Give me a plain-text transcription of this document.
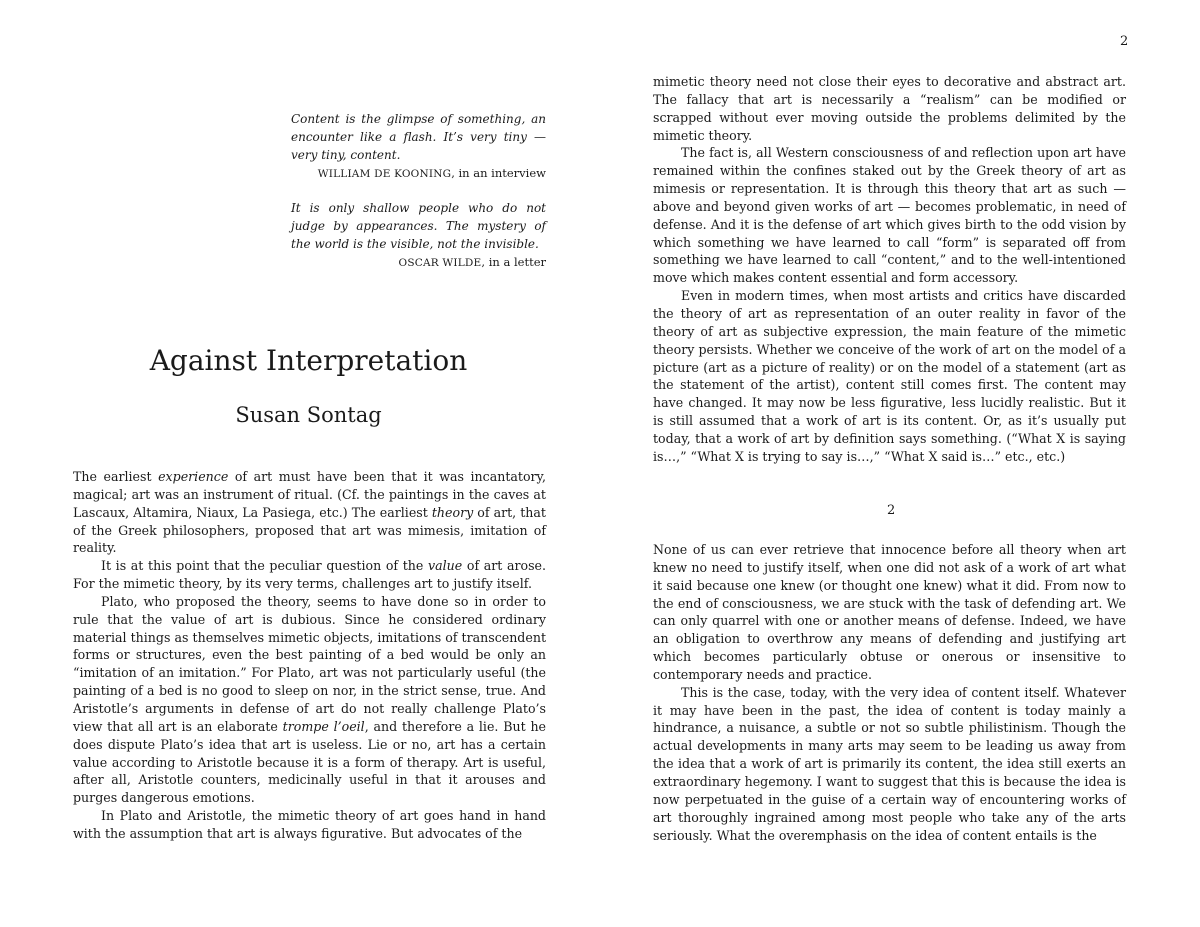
Content is the glimpse of something, an encounter like a flash. It’s very tiny — very tiny, content.
WILLIAM DE KOONING, in an interview
It is only shallow people who do not judge by appearances. The mystery of the world is the visible, not the invisible.
OSCAR WILDE, in a letter
Against Interpretation
Susan Sontag

The earliest experience of art must have been that it was incantatory, magical; art was an instrument of ritual. (Cf. the paintings in the caves at Lascaux, Altamira, Niaux, La Pasiega, etc.) The earliest theory of art, that of the Greek philosophers, proposed that art was mimesis, imitation of reality.

It is at this point that the peculiar question of the value of art arose. For the mimetic theory, by its very terms, challenges art to justify itself.

Plato, who proposed the theory, seems to have done so in order to rule that the value of art is dubious. Since he considered ordinary material things as themselves mimetic objects, imitations of transcendent forms or structures, even the best painting of a bed would be only an “imitation of an imitation.” For Plato, art was not particularly useful (the painting of a bed is no good to sleep on nor, in the strict sense, true. And Aristotle’s arguments in defense of art do not really challenge Plato’s view that all art is an elaborate trompe l’oeil, and therefore a lie. But he does dispute Plato’s idea that art is useless. Lie or no, art has a certain value according to Aristotle because it is a form of therapy. Art is useful, after all, Aristotle counters, medicinally useful in that it arouses and purges dangerous emotions.

In Plato and Aristotle, the mimetic theory of art goes hand in hand with the assumption that art is always figurative. But advocates of the

2

mimetic theory need not close their eyes to decorative and abstract art. The fallacy that art is necessarily a “realism” can be modified or scrapped without ever moving outside the problems delimited by the mimetic theory.

The fact is, all Western consciousness of and reflection upon art have remained within the confines staked out by the Greek theory of art as mimesis or representation. It is through this theory that art as such — above and beyond given works of art — becomes problematic, in need of defense. And it is the defense of art which gives birth to the odd vision by which something we have learned to call “form” is separated off from something we have learned to call “content,” and to the well-intentioned move which makes content essential and form accessory.

Even in modern times, when most artists and critics have discarded the theory of art as representation of an outer reality in favor of the theory of art as subjective expression, the main feature of the mimetic theory persists. Whether we conceive of the work of art on the model of a picture (art as a picture of reality) or on the model of a statement (art as the statement of the artist), content still comes first. The content may have changed. It may now be less figurative, less lucidly realistic. But it is still assumed that a work of art is its content. Or, as it’s usually put today, that a work of art by definition says something. (“What X is saying is…,” “What X is trying to say is…,” “What X said is…” etc., etc.)

2

None of us can ever retrieve that innocence before all theory when art knew no need to justify itself, when one did not ask of a work of art what it said because one knew (or thought one knew) what it did. From now to the end of consciousness, we are stuck with the task of defending art. We can only quarrel with one or another means of defense. Indeed, we have an obligation to overthrow any means of defending and justifying art which becomes particularly obtuse or onerous or insensitive to contemporary needs and practice.

This is the case, today, with the very idea of content itself. Whatever it may have been in the past, the idea of content is today mainly a hindrance, a nuisance, a subtle or not so subtle philistinism. Though the actual developments in many arts may seem to be leading us away from the idea that a work of art is primarily its content, the idea still exerts an extraordinary hegemony. I want to suggest that this is because the idea is now perpetuated in the guise of a certain way of encountering works of art thoroughly ingrained among most people who take any of the arts seriously. What the overemphasis on the idea of content entails is the
